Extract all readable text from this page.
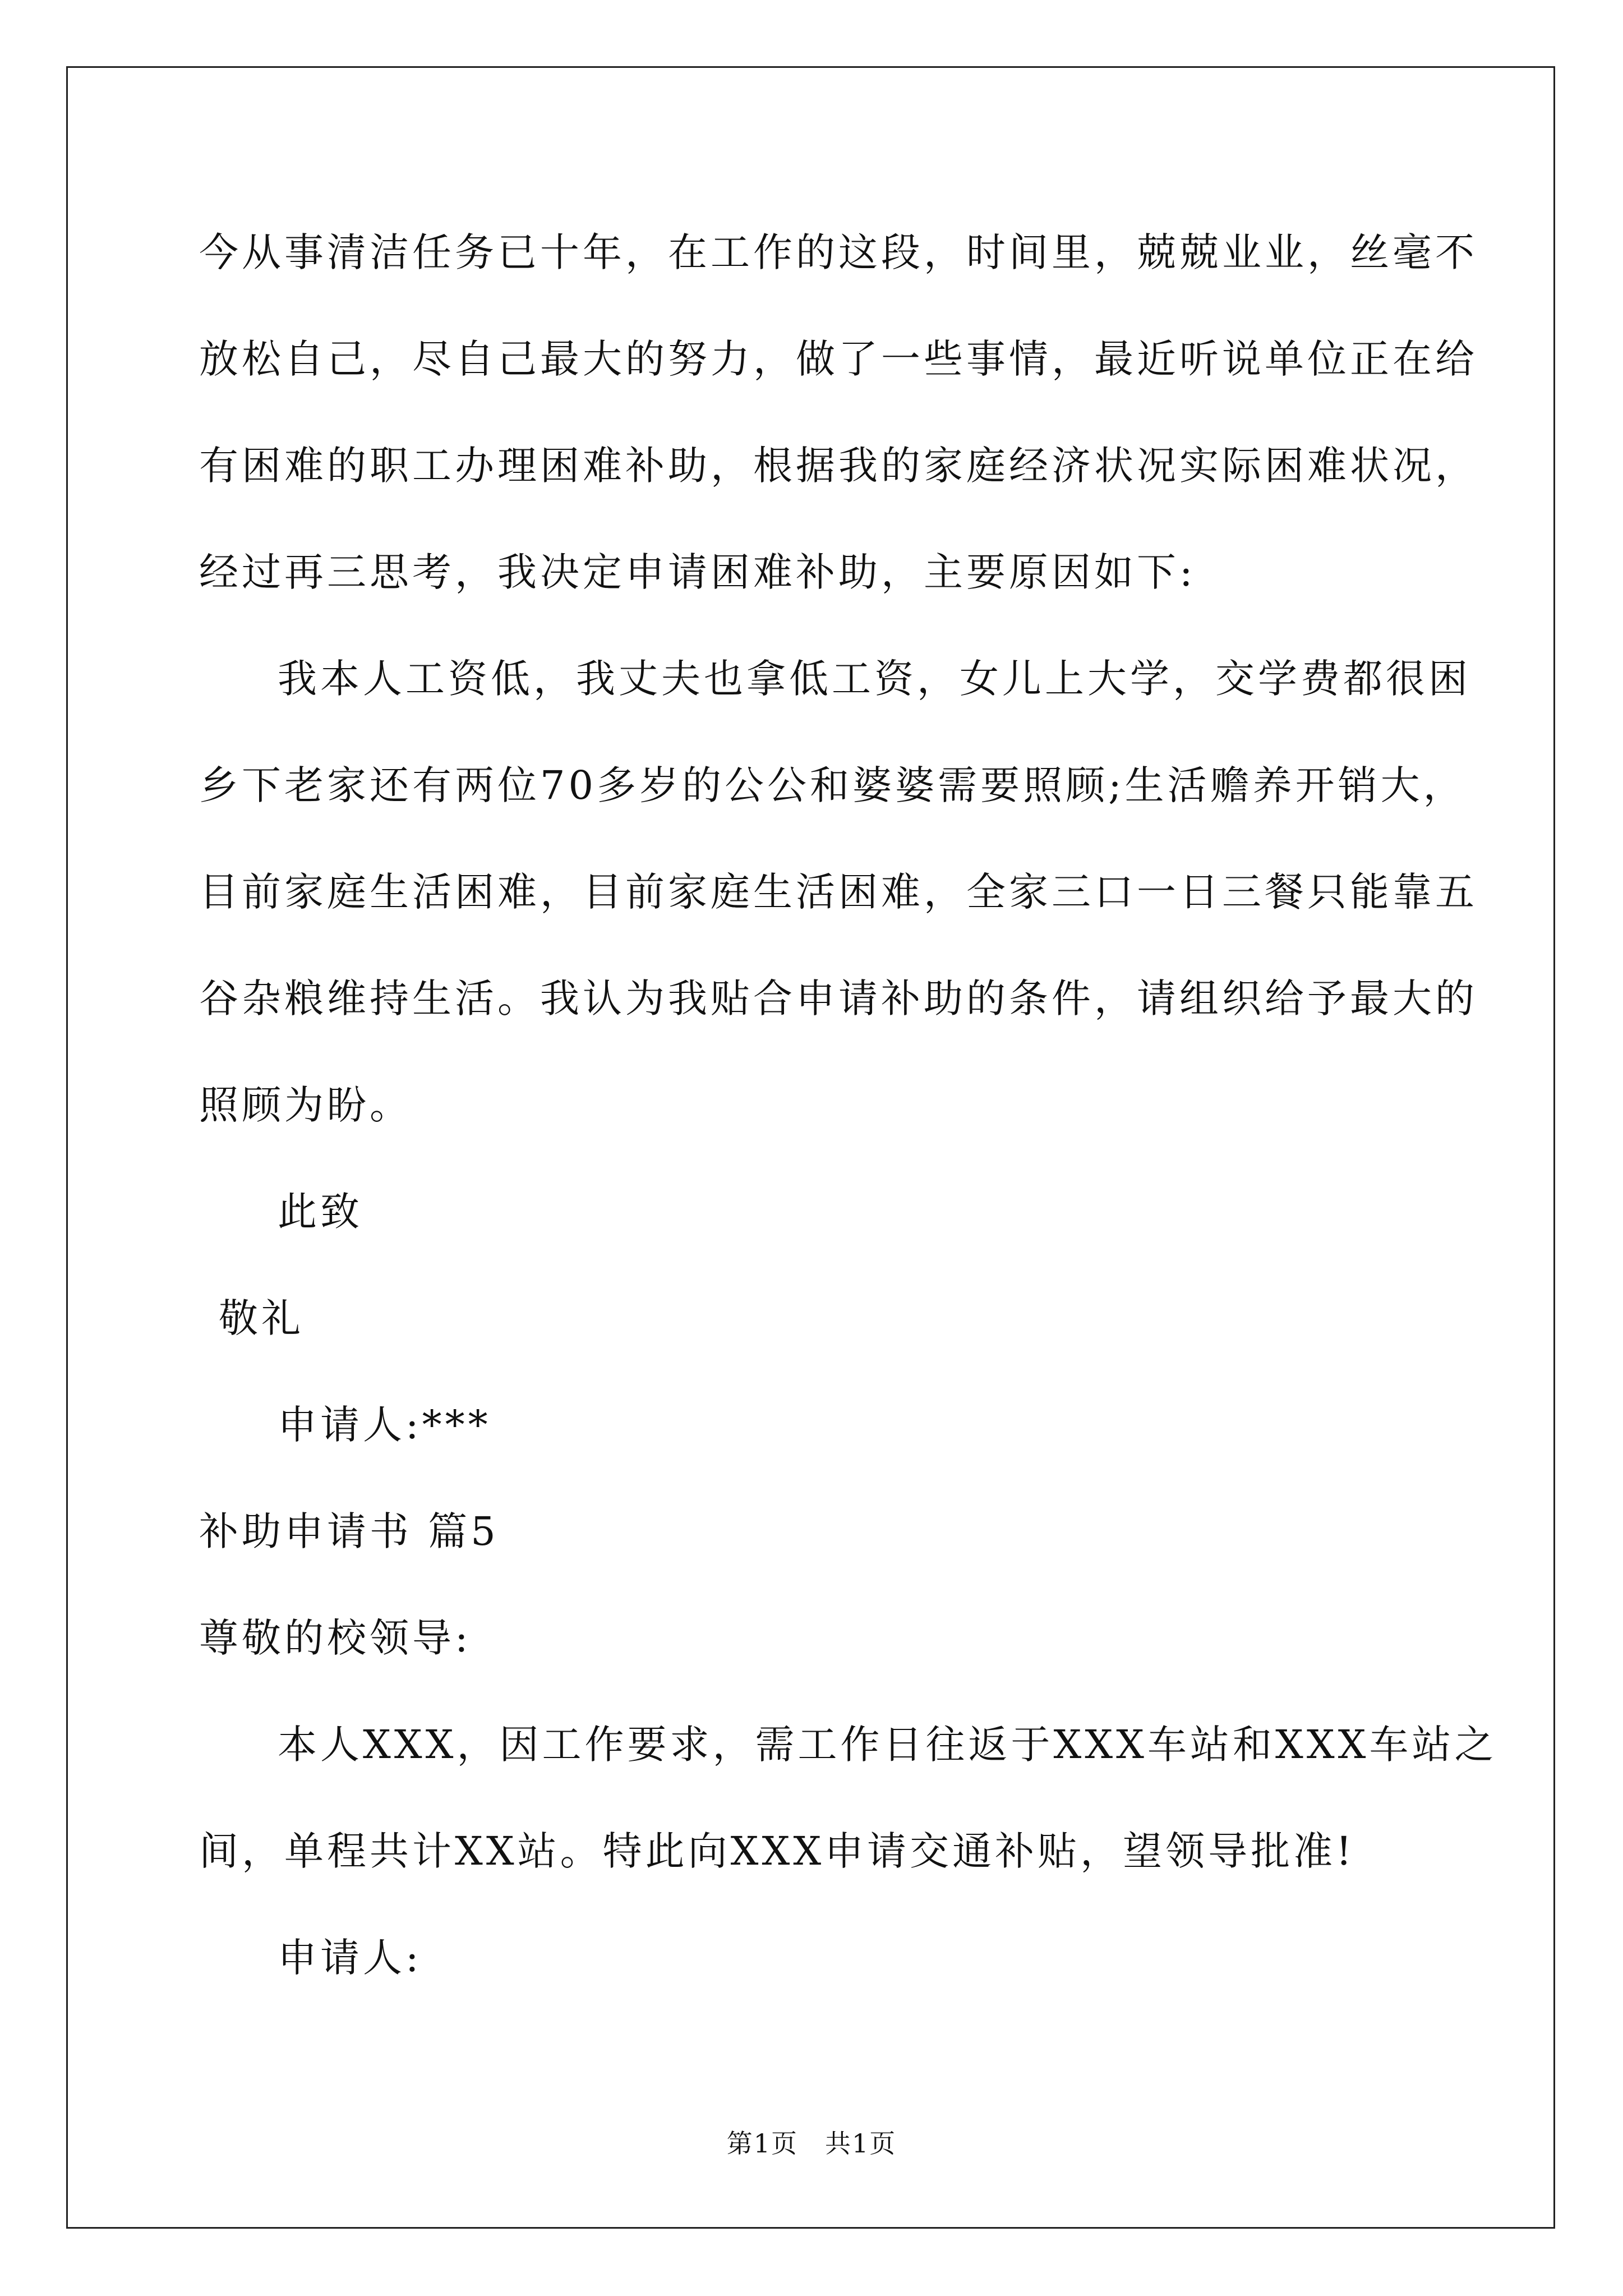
今从事清洁任务已十年，在工作的这段，时间里，兢兢业业，丝毫不
放松自己，尽自己最大的努力，做了一些事情，最近听说单位正在给
有困难的职工办理困难补助，根据我的家庭经济状况实际困难状况，
经过再三思考，我决定申请困难补助，主要原因如下:
我本人工资低，我丈夫也拿低工资，女儿上大学，交学费都很困
乡下老家还有两位70多岁的公公和婆婆需要照顾;生活赡养开销大，
目前家庭生活困难，目前家庭生活困难，全家三口一日三餐只能靠五
谷杂粮维持生活。我认为我贴合申请补助的条件，请组织给予最大的
照顾为盼。
此致
敬礼
申请人:***
补助申请书 篇5
尊敬的校领导:
本人XXX，因工作要求，需工作日往返于XXX车站和XXX车站之
间，单程共计XX站。特此向XXX申请交通补贴，望领导批准!
申请人:
第1页　共1页
